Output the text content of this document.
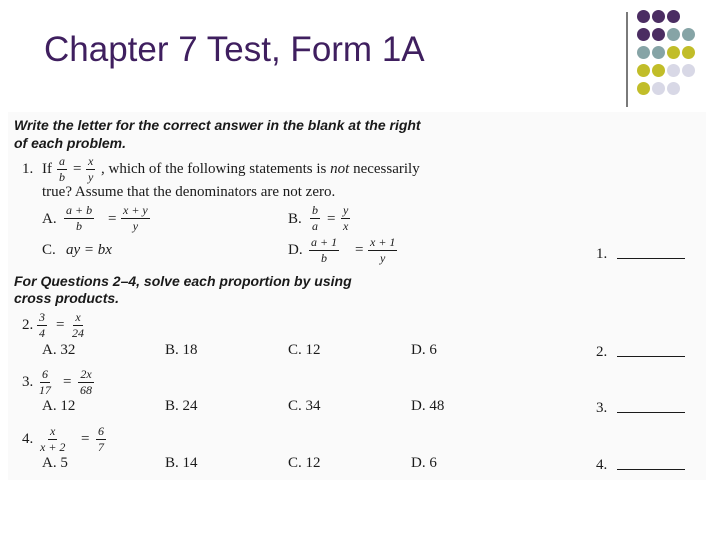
Chapter 7 Test, Form 1A
Write the letter for the correct answer in the blank at the right
of each problem.
1. If $\frac{a}{b} = \frac{x}{y}$ , which of the following statements is not necessarily
true? Assume that the denominators are not zero.
A. $\frac{a + b}{b} = \frac{x + y}{y}$	B. $\frac{b}{a} = \frac{y}{x}$
C. ay = bx	D. $\frac{a + 1}{b} = \frac{x + 1}{y}$	1.
For Questions 2–4, solve each proportion by using
cross products.
2. $\frac{3}{4} = \frac{x}{24}$
A. 32	B. 18	C. 12	D. 6	2.
3. $\frac{6}{17} = \frac{2x}{68}$
A. 12	B. 24	C. 34	D. 48	3.
4. $\frac{x}{x + 2} = \frac{6}{7}$
A. 5	B. 14	C. 12	D. 6	4.
